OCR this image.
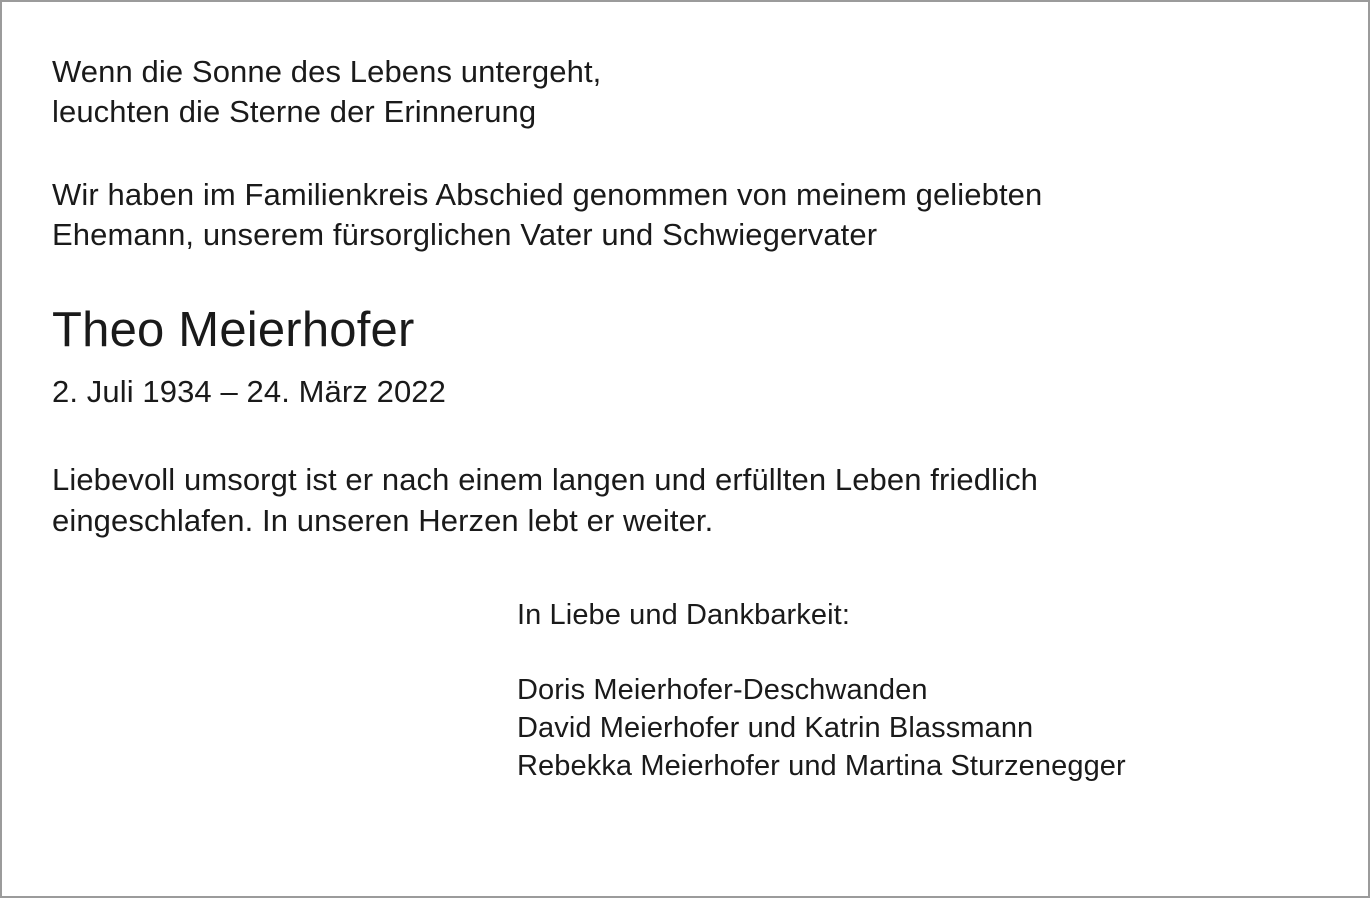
Wenn die Sonne des Lebens untergeht,
leuchten die Sterne der Erinnerung
Wir haben im Familienkreis Abschied genommen von meinem geliebten
Ehemann, unserem fürsorglichen Vater und Schwiegervater
Theo Meierhofer
2. Juli 1934 – 24. März 2022
Liebevoll umsorgt ist er nach einem langen und erfüllten Leben friedlich
eingeschlafen. In unseren Herzen lebt er weiter.
In Liebe und Dankbarkeit:
Doris Meierhofer-Deschwanden
David Meierhofer und Katrin Blassmann
Rebekka Meierhofer und Martina Sturzenegger
